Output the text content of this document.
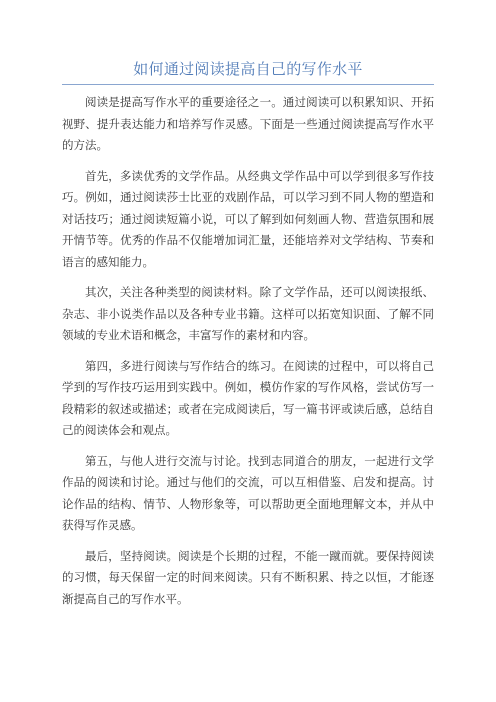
如何通过阅读提高自己的写作水平

阅读是提高写作水平的重要途径之一。通过阅读可以积累知识、开拓视野、提升表达能力和培养写作灵感。下面是一些通过阅读提高写作水平的方法。

首先，多读优秀的文学作品。从经典文学作品中可以学到很多写作技巧。例如，通过阅读莎士比亚的戏剧作品，可以学习到不同人物的塑造和对话技巧；通过阅读短篇小说，可以了解到如何刻画人物、营造氛围和展开情节等。优秀的作品不仅能增加词汇量，还能培养对文学结构、节奏和语言的感知能力。

其次，关注各种类型的阅读材料。除了文学作品，还可以阅读报纸、杂志、非小说类作品以及各种专业书籍。这样可以拓宽知识面、了解不同领域的专业术语和概念，丰富写作的素材和内容。

第四，多进行阅读与写作结合的练习。在阅读的过程中，可以将自己学到的写作技巧运用到实践中。例如，模仿作家的写作风格，尝试仿写一段精彩的叙述或描述；或者在完成阅读后，写一篇书评或读后感，总结自己的阅读体会和观点。

第五，与他人进行交流与讨论。找到志同道合的朋友，一起进行文学作品的阅读和讨论。通过与他们的交流，可以互相借鉴、启发和提高。讨论作品的结构、情节、人物形象等，可以帮助更全面地理解文本，并从中获得写作灵感。

最后，坚持阅读。阅读是个长期的过程，不能一蹴而就。要保持阅读的习惯，每天保留一定的时间来阅读。只有不断积累、持之以恒，才能逐渐提高自己的写作水平。
